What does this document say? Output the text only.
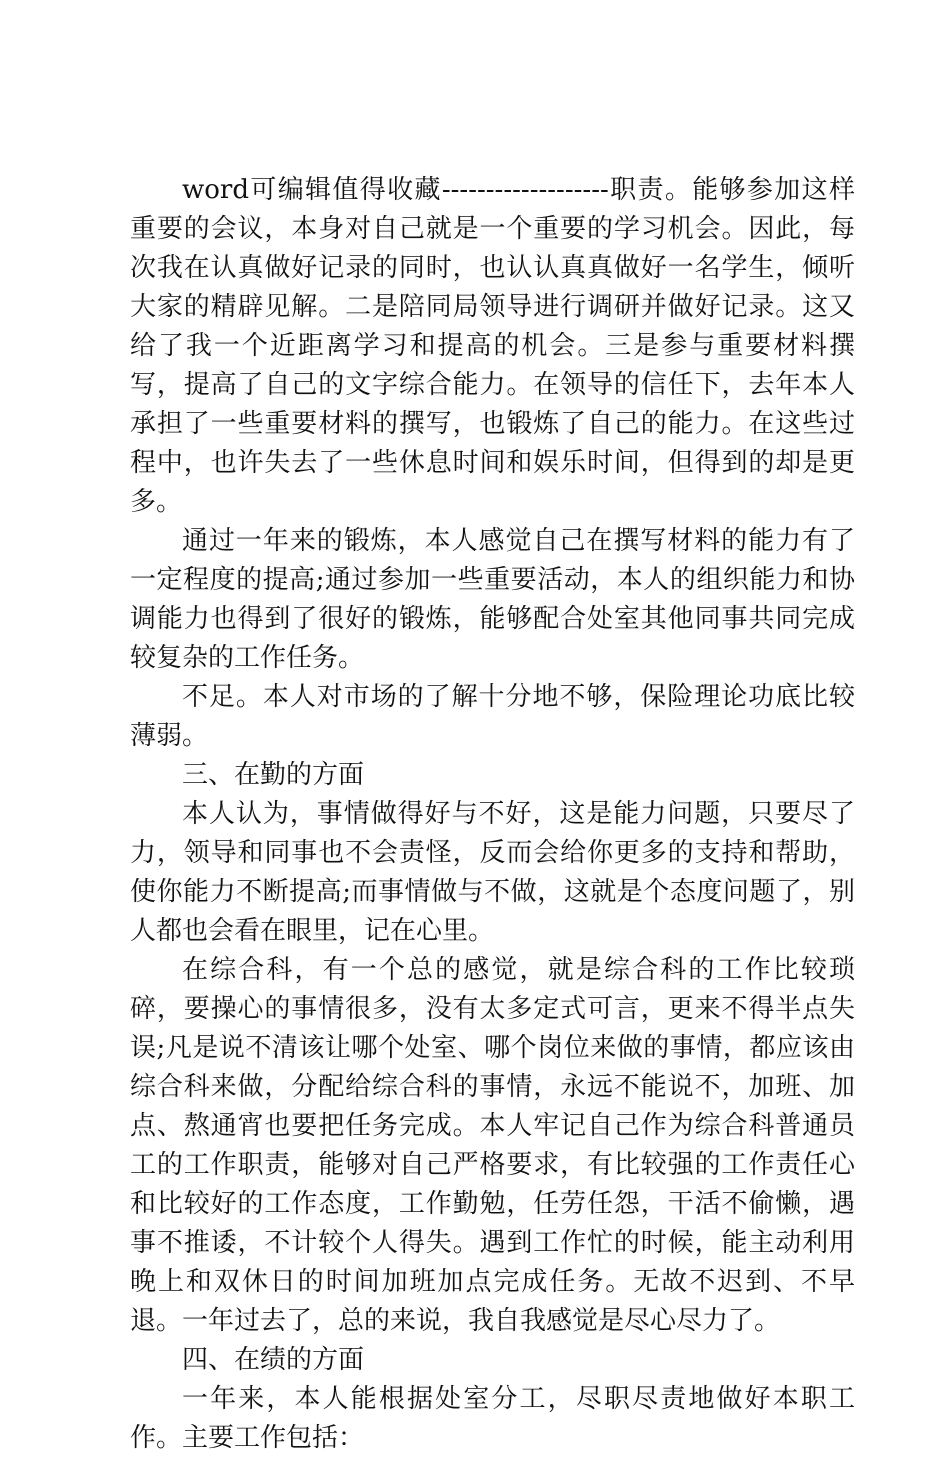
word可编辑值得收藏-------------------职责。能够参加这样重要的会议，本身对自己就是一个重要的学习机会。因此，每次我在认真做好记录的同时，也认认真真做好一名学生，倾听大家的精辟见解。二是陪同局领导进行调研并做好记录。这又给了我一个近距离学习和提高的机会。三是参与重要材料撰写，提高了自己的文字综合能力。在领导的信任下，去年本人承担了一些重要材料的撰写，也锻炼了自己的能力。在这些过程中，也许失去了一些休息时间和娱乐时间，但得到的却是更多。

通过一年来的锻炼，本人感觉自己在撰写材料的能力有了一定程度的提高;通过参加一些重要活动，本人的组织能力和协调能力也得到了很好的锻炼，能够配合处室其他同事共同完成较复杂的工作任务。

不足。本人对市场的了解十分地不够，保险理论功底比较薄弱。

三、在勤的方面

本人认为，事情做得好与不好，这是能力问题，只要尽了力，领导和同事也不会责怪，反而会给你更多的支持和帮助，使你能力不断提高;而事情做与不做，这就是个态度问题了，别人都也会看在眼里，记在心里。

在综合科，有一个总的感觉，就是综合科的工作比较琐碎，要操心的事情很多，没有太多定式可言，更来不得半点失误;凡是说不清该让哪个处室、哪个岗位来做的事情，都应该由综合科来做，分配给综合科的事情，永远不能说不，加班、加点、熬通宵也要把任务完成。本人牢记自己作为综合科普通员工的工作职责，能够对自己严格要求，有比较强的工作责任心和比较好的工作态度，工作勤勉，任劳任怨，干活不偷懒，遇事不推诿，不计较个人得失。遇到工作忙的时候，能主动利用晚上和双休日的时间加班加点完成任务。无故不迟到、不早退。一年过去了，总的来说，我自我感觉是尽心尽力了。

四、在绩的方面

一年来，本人能根据处室分工，尽职尽责地做好本职工作。主要工作包括：
